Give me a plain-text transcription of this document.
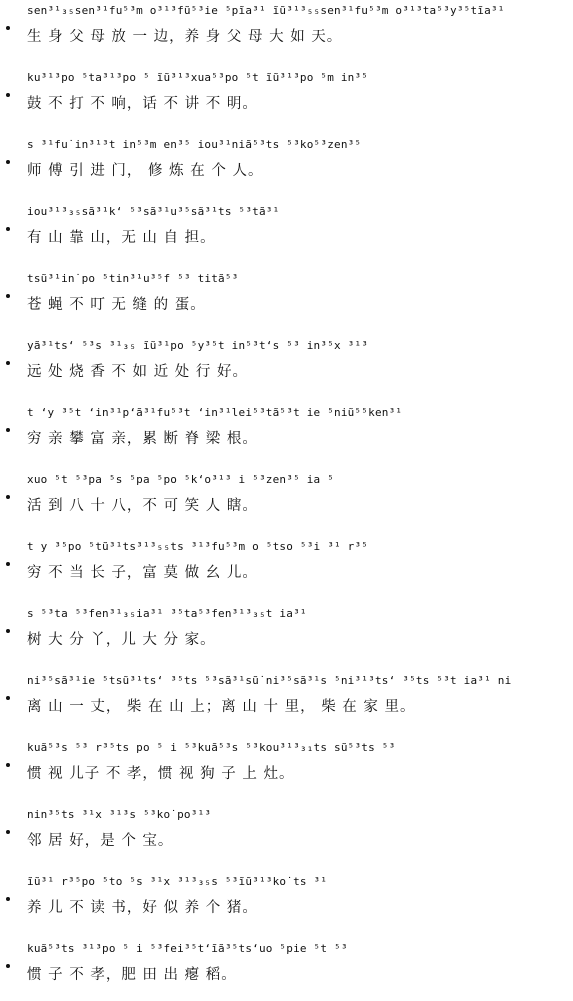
sen³¹₃₅sen³¹fu⁵³m o³¹³fũ⁵³ie ⁵pĩa³¹ ĩũ³¹³₅₅sen³¹fu⁵³m o³¹³ta⁵³y³⁵tĩa³¹
生 身 父 母 放 一 边，养 身 父 母 大 如 天。
ku³¹³po ⁵ta³¹³po ⁵ ĩũ³¹³xua⁵³po ⁵t ĩũ³¹³po ⁵m in³⁵
鼓 不 打 不 响，话 不 讲 不 明。
s ³¹fu˙in³¹³t in⁵³m en³⁵ iou³¹niã⁵³ts ⁵³ko⁵³zen³⁵
师 傅 引 进 门， 修 炼 在 个 人。
iou³¹³₃₅sã³¹k‘ ⁵³sã³¹u³⁵sã³¹ts ⁵³tã³¹
有 山 靠 山，无 山 自 担。
tsũ³¹in˙po ⁵tin³¹u³⁵f ⁵³ titã⁵³
苍 蝇 不 叮 无 缝 的 蛋。
yã³¹ts‘ ⁵³s ³¹₃₅ ĩũ³¹po ⁵y³⁵t in⁵³t‘s ⁵³ in³⁵x ³¹³
远 处 烧 香 不 如 近 处 行 好。
t ‘y ³⁵t ‘in³¹p‘ã³¹fu⁵³t ‘in³¹lei⁵³tã⁵³t ie ⁵niũ⁵⁵ken³¹
穷 亲 攀 富 亲，累 断 脊 梁 根。
xuo ⁵t ⁵³pa ⁵s ⁵pa ⁵po ⁵k‘o³¹³ i ⁵³zen³⁵ ia ⁵
活 到 八 十 八，不 可 笑 人 瞎。
t y ³⁵po ⁵tũ³¹ts³¹³₅₅ts ³¹³fu⁵³m o ⁵tso ⁵³i ³¹ r³⁵
穷 不 当 长 子，富 莫 做 幺 儿。
s ⁵³ta ⁵³fen³¹₃₅ia³¹ ³⁵ta⁵³fen³¹³₃₅t ia³¹
树 大 分 丫，儿 大 分 家。
ni³⁵sã³¹ie ⁵tsũ³¹ts‘ ³⁵ts ⁵³sã³¹sũ˙ni³⁵sã³¹s ⁵ni³¹³ts‘ ³⁵ts ⁵³t ia³¹ ni
离 山 一 丈， 柴 在 山 上；离 山 十 里， 柴 在 家 里。
kuã⁵³s ⁵³ r³⁵ts po ⁵ i ⁵³kuã⁵³s ⁵³kou³¹³₃₁ts sũ⁵³ts ⁵³
惯 视 儿子 不 孝，惯 视 狗 子 上 灶。
nin³⁵ts ³¹x ³¹³s ⁵³ko˙po³¹³
邻 居 好，是 个 宝。
ĩũ³¹ r³⁵po ⁵to ⁵s ³¹x ³¹³₃₅s ⁵³ĩũ³¹³ko˙ts ³¹
养 儿 不 读 书，好 似 养 个 猪。
kuã⁵³ts ³¹³po ⁵ i ⁵³fei³⁵t‘ĩã³⁵ts‘uo ⁵pie ⁵t ⁵³
惯 子 不 孝，肥 田 出 瘪 稻。
